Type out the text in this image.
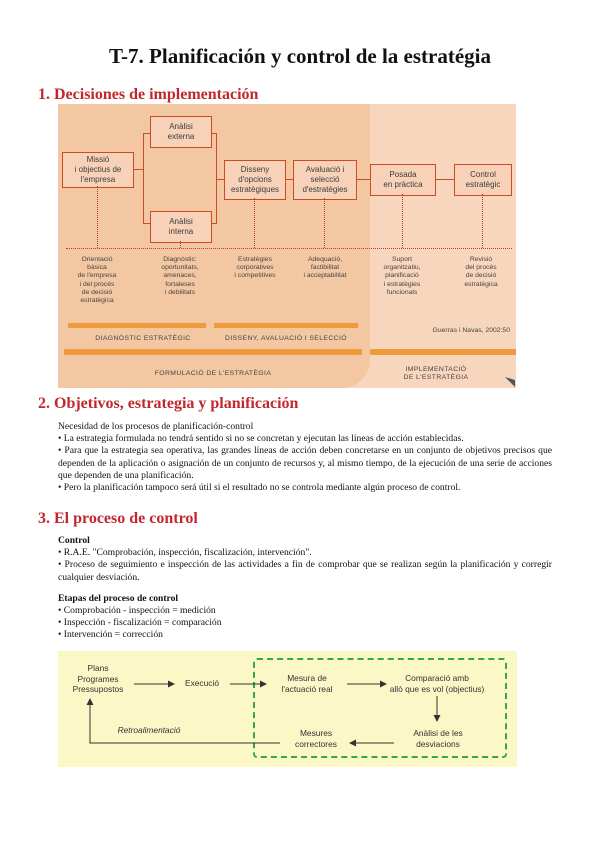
T-7. Planificación y control de la estratégia
1. Decisiones de implementación
Missió
i objectius de
l'empresa
Anàlisi
externa
Anàlisi
interna
Disseny
d'opcions
estratègiques
Avaluació i
selecció
d'estratègies
Posada
en pràctica
Control
estratègic
Orientació
bàsica
de l'empresa
i del procés
de decisió
estratègica
Diagnòstic:
oportunitats,
amenaces,
fortaleses
i debilitats
Estratègies
corporatives
i competitives
Adequació,
factibilitat
i acceptabilitat
Suport
organitzatiu,
planificació
i estratègies
funcionals
Revisió
del procés
de decisió
estratègica
Guerras i Navas, 2002:50
DIAGNÒSTIC ESTRATÈGIC	DISSENY, AVALUACIÓ I SELECCIÓ
FORMULACIÓ DE L'ESTRATÈGIA
IMPLEMENTACIÓ
DE L'ESTRATÈGIA
2. Objetivos, estrategia y planificación

Necesidad de los procesos de planificación-control

• La estrategia formulada no tendrá sentido si no se concretan y ejecutan las líneas de acción establecidas.

• Para que la estrategia sea operativa, las grandes líneas de acción deben concretarse en un conjunto de objetivos precisos que dependen de la aplicación o asignación de un conjunto de recursos y, al mismo tiempo, de la ejecución de una serie de acciones que dependen de una planificación.

• Pero la planificación tampoco será útil si el resultado no se controla mediante algún proceso de control.

3. El proceso de control

Control

• R.A.E. "Comprobación, inspección, fiscalización, intervención".

• Proceso de seguimiento e inspección de las actividades a fin de comprobar que se realizan según la planificación y corregir cualquier desviación.

Etapas del proceso de control

• Comprobación - inspección = medición

• Inspección - fiscalización = comparación

• Intervención = corrección

Plans
Programes
Pressupostos
Execució	Mesura de
l'actuació real
Comparació amb
allò que es vol (objectius)
Anàlisi de les
desviacions
Mesures
correctores
Retroalimentació
